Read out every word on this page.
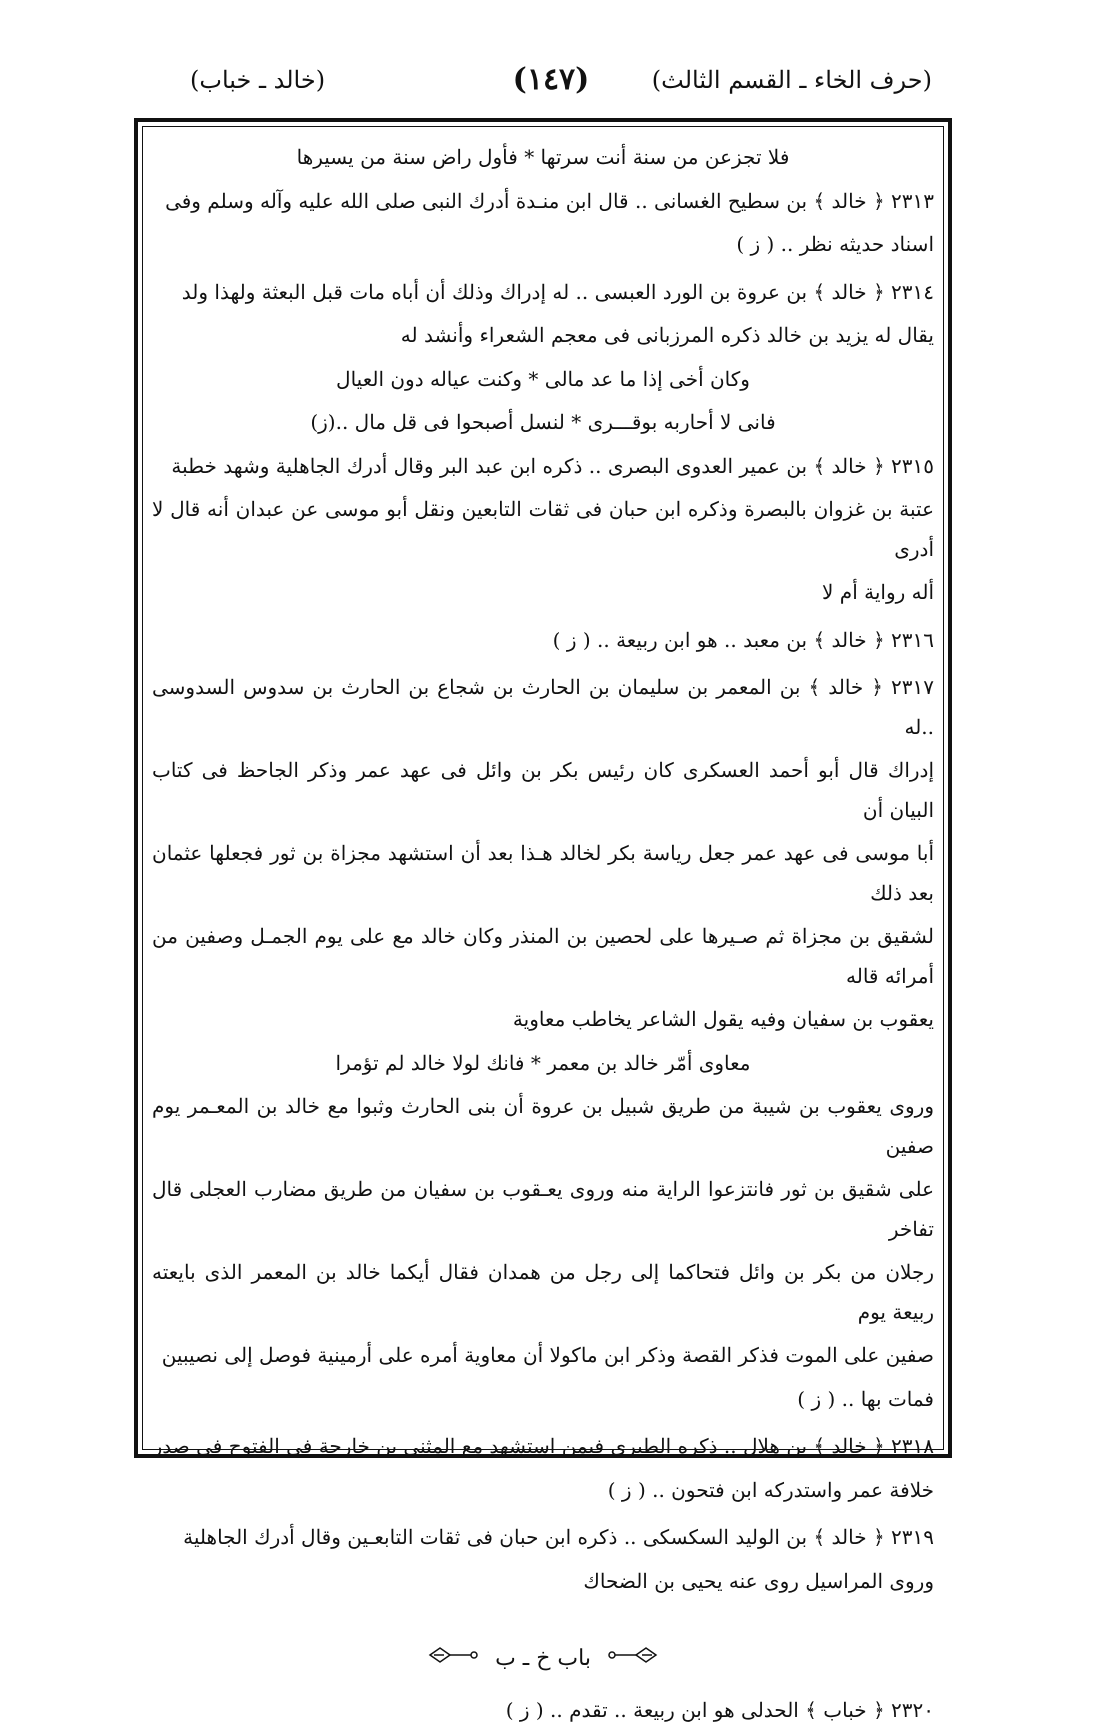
(حرف الخاء ـ القسم الثالث)
(١٤٧)
(خالد ـ خباب)

فلا تجزعن من سنة أنت سرتها * فأول راض سنة من يسيرها

٢٣١٣ ﴿ خالد ﴾ بن سطيح الغسانى .. قال ابن منـدة أدرك النبى صلى الله عليه وآله وسلم وفى

اسناد حديثه نظر .. ( ز )

٢٣١٤ ﴿ خالد ﴾ بن عروة بن الورد العبسى .. له إدراك وذلك أن أباه مات قبل البعثة ولهذا ولد

يقال له يزيد بن خالد ذكره المرزبانى فى معجم الشعراء وأنشد له

وكان أخى إذا ما عد مالى * وكنت عياله دون العيال

فانى لا أحاربه بوقـــرى * لنسل أصبحوا فى قل مال ..(ز)

٢٣١٥ ﴿ خالد ﴾ بن عمير العدوى البصرى .. ذكره ابن عبد البر وقال أدرك الجاهلية وشهد خطبة

عتبة بن غزوان بالبصرة وذكره ابن حبان فى ثقات التابعين ونقل أبو موسى عن عبدان أنه قال لا أدرى

أله رواية أم لا

٢٣١٦ ﴿ خالد ﴾ بن معبد .. هو ابن ربيعة .. ( ز )

٢٣١٧ ﴿ خالد ﴾ بن المعمر بن سليمان بن الحارث بن شجاع بن الحارث بن سدوس السدوسى ..له

إدراك قال أبو أحمد العسكرى كان رئيس بكر بن وائل فى عهد عمر وذكر الجاحظ فى كتاب البيان أن

أبا موسى فى عهد عمر جعل رياسة بكر لخالد هـذا بعد أن استشهد مجزاة بن ثور فجعلها عثمان بعد ذلك

لشقيق بن مجزاة ثم صـيرها على لحصين بن المنذر وكان خالد مع على يوم الجمـل وصفين من أمرائه قاله

يعقوب بن سفيان وفيه يقول الشاعر يخاطب معاوية

معاوى أمّر خالد بن معمر * فانك لولا خالد لم تؤمرا

وروى يعقوب بن شيبة من طريق شبيل بن عروة أن بنى الحارث وثبوا مع خالد بن المعـمر يوم صفين

على شقيق بن ثور فانتزعوا الراية منه وروى يعـقوب بن سفيان من طريق مضارب العجلى قال تفاخر

رجلان من بكر بن وائل فتحاكما إلى رجل من همدان فقال أيكما خالد بن المعمر الذى بايعته ربيعة يوم

صفين على الموت فذكر القصة وذكر ابن ماكولا أن معاوية أمره على أرمينية فوصل إلى نصيبين

فمات بها .. ( ز )

٢٣١٨ ﴿ خالد ﴾ بن هلال .. ذكره الطبرى فيمن استشهد مع المثنى بن خارجة فى الفتوح فى صدر

خلافة عمر واستدركه ابن فتحون .. ( ز )

٢٣١٩ ﴿ خالد ﴾ بن الوليد السكسكى .. ذكره ابن حبان فى ثقات التابعـين وقال أدرك الجاهلية

وروى المراسيل روى عنه يحيى بن الضحاك

باب خ ـ ب

٢٣٢٠ ﴿ خباب ﴾ الحدلى هو ابن ربيعة .. تقدم .. ( ز )
